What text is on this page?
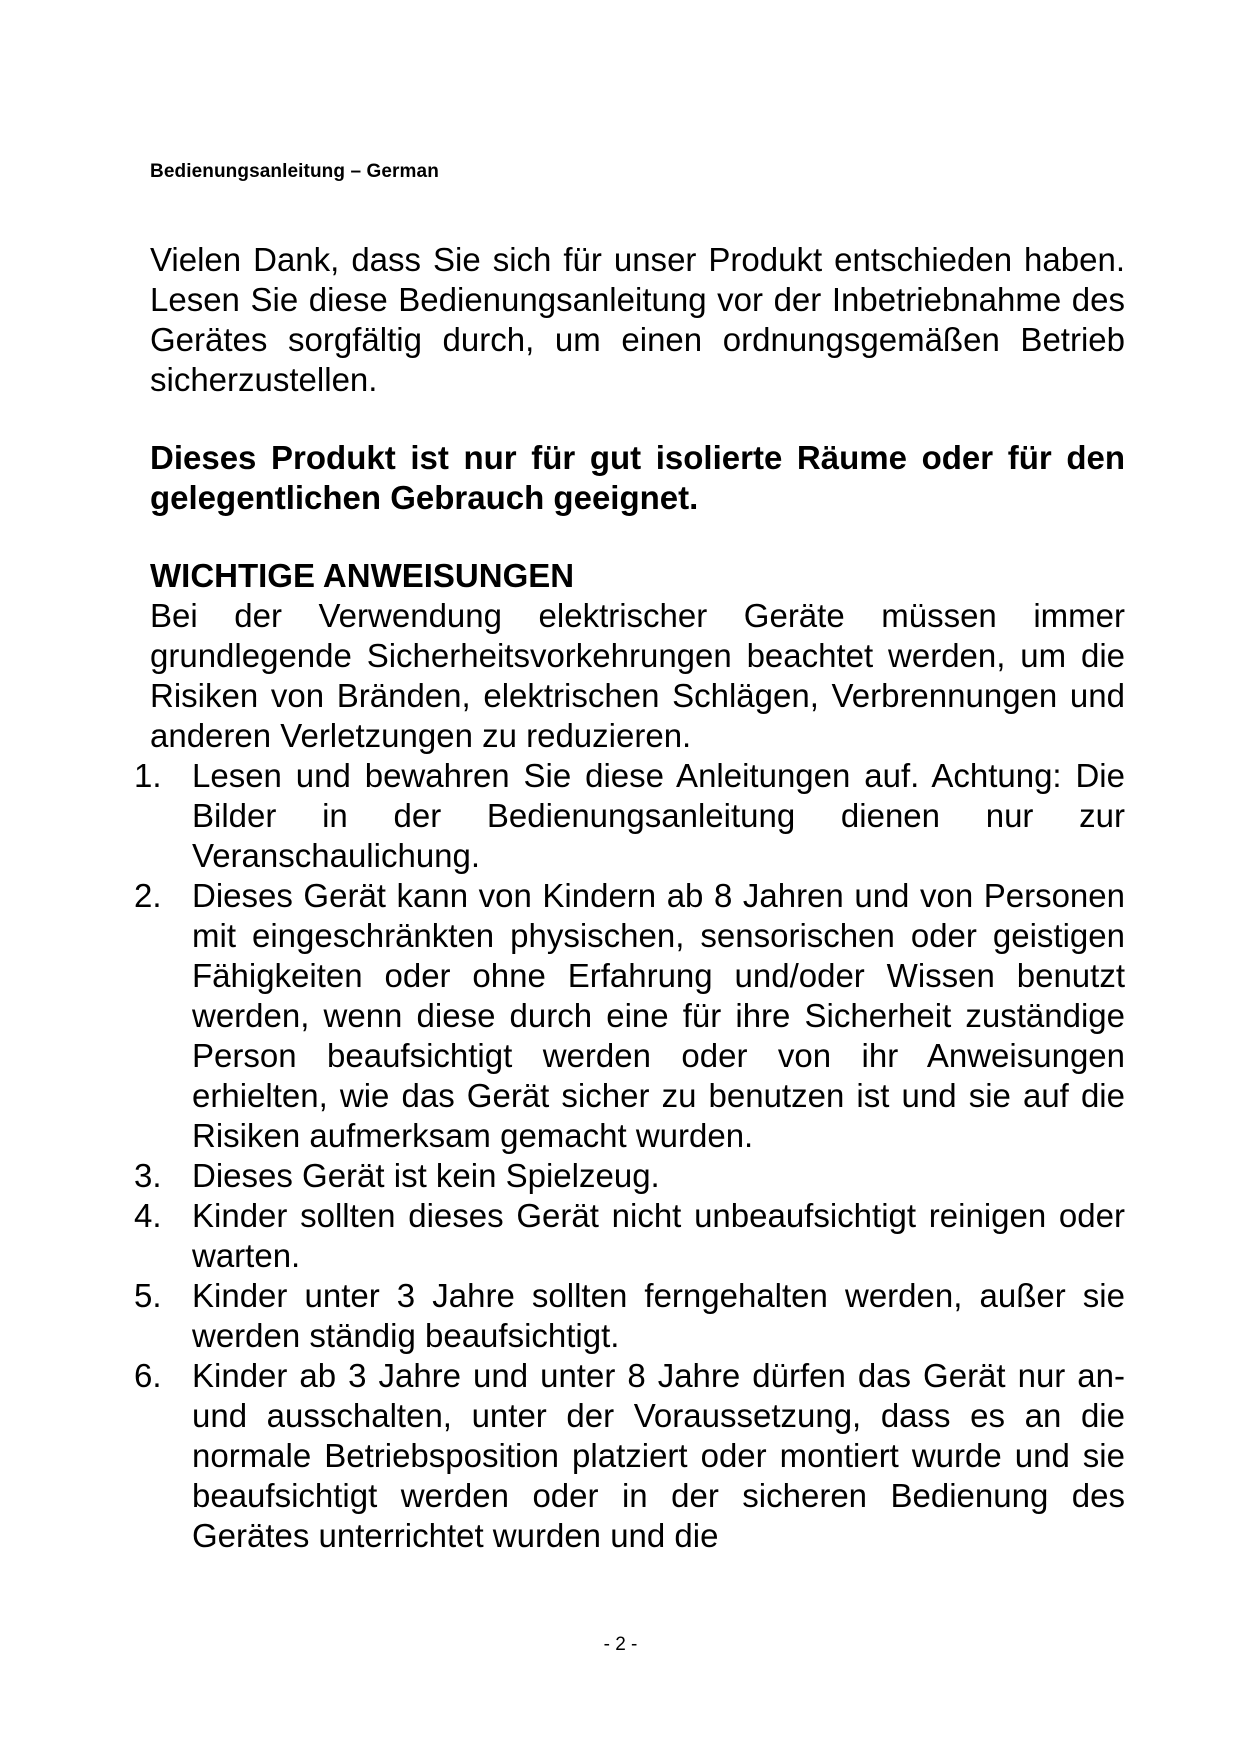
Bedienungsanleitung – German

Vielen Dank, dass Sie sich für unser Produkt entschieden haben. Lesen Sie diese Bedienungsanleitung vor der Inbetriebnahme des Gerätes sorgfältig durch, um einen ordnungsgemäßen Betrieb sicherzustellen.

Dieses Produkt ist nur für gut isolierte Räume oder für den gelegentlichen Gebrauch geeignet.

WICHTIGE ANWEISUNGEN

Bei der Verwendung elektrischer Geräte müssen immer grundlegende Sicherheitsvorkehrungen beachtet werden, um die Risiken von Bränden, elektrischen Schlägen, Verbrennungen und anderen Verletzungen zu reduzieren.

1. Lesen und bewahren Sie diese Anleitungen auf. Achtung: Die Bilder in der Bedienungsanleitung dienen nur zur Veranschaulichung.
2. Dieses Gerät kann von Kindern ab 8 Jahren und von Personen mit eingeschränkten physischen, sensorischen oder geistigen Fähigkeiten oder ohne Erfahrung und/oder Wissen benutzt werden, wenn diese durch eine für ihre Sicherheit zuständige Person beaufsichtigt werden oder von ihr Anweisungen erhielten, wie das Gerät sicher zu benutzen ist und sie auf die Risiken aufmerksam gemacht wurden.
3. Dieses Gerät ist kein Spielzeug.
4. Kinder sollten dieses Gerät nicht unbeaufsichtigt reinigen oder warten.
5. Kinder unter 3 Jahre sollten ferngehalten werden, außer sie werden ständig beaufsichtigt.
6. Kinder ab 3 Jahre und unter 8 Jahre dürfen das Gerät nur an- und ausschalten, unter der Voraussetzung, dass es an die normale Betriebsposition platziert oder montiert wurde und sie beaufsichtigt werden oder in der sicheren Bedienung des Gerätes unterrichtet wurden und die
- 2 -
